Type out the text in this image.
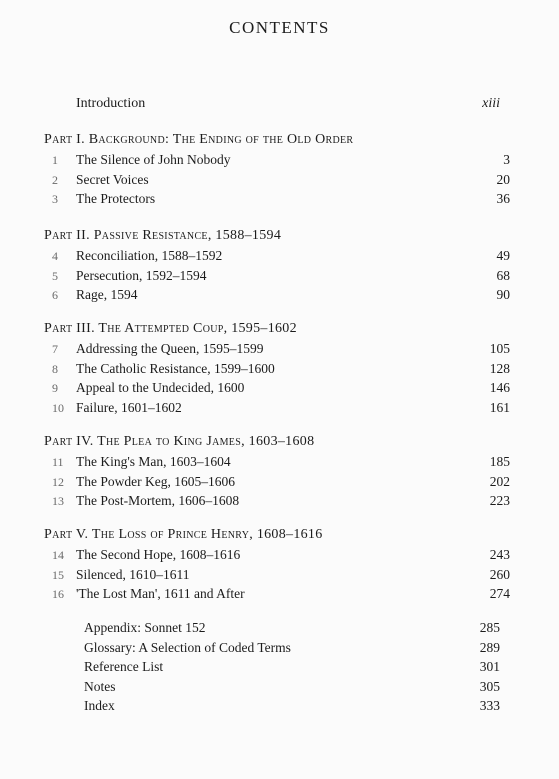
CONTENTS
Introduction	xiii
Part I. Background: The Ending of the Old Order
1	The Silence of John Nobody	3
2	Secret Voices	20
3	The Protectors	36
Part II. Passive Resistance, 1588–1594
4	Reconciliation, 1588–1592	49
5	Persecution, 1592–1594	68
6	Rage, 1594	90
Part III. The Attempted Coup, 1595–1602
7	Addressing the Queen, 1595–1599	105
8	The Catholic Resistance, 1599–1600	128
9	Appeal to the Undecided, 1600	146
10 Failure, 1601–1602	161
Part IV. The Plea to King James, 1603–1608
11 The King's Man, 1603–1604	185
12 The Powder Keg, 1605–1606	202
13 The Post-Mortem, 1606–1608	223
Part V. The Loss of Prince Henry, 1608–1616
14 The Second Hope, 1608–1616	243
15 Silenced, 1610–1611	260
16 'The Lost Man', 1611 and After	274
Appendix: Sonnet 152	285
Glossary: A Selection of Coded Terms	289
Reference List	301
Notes	305
Index	333
